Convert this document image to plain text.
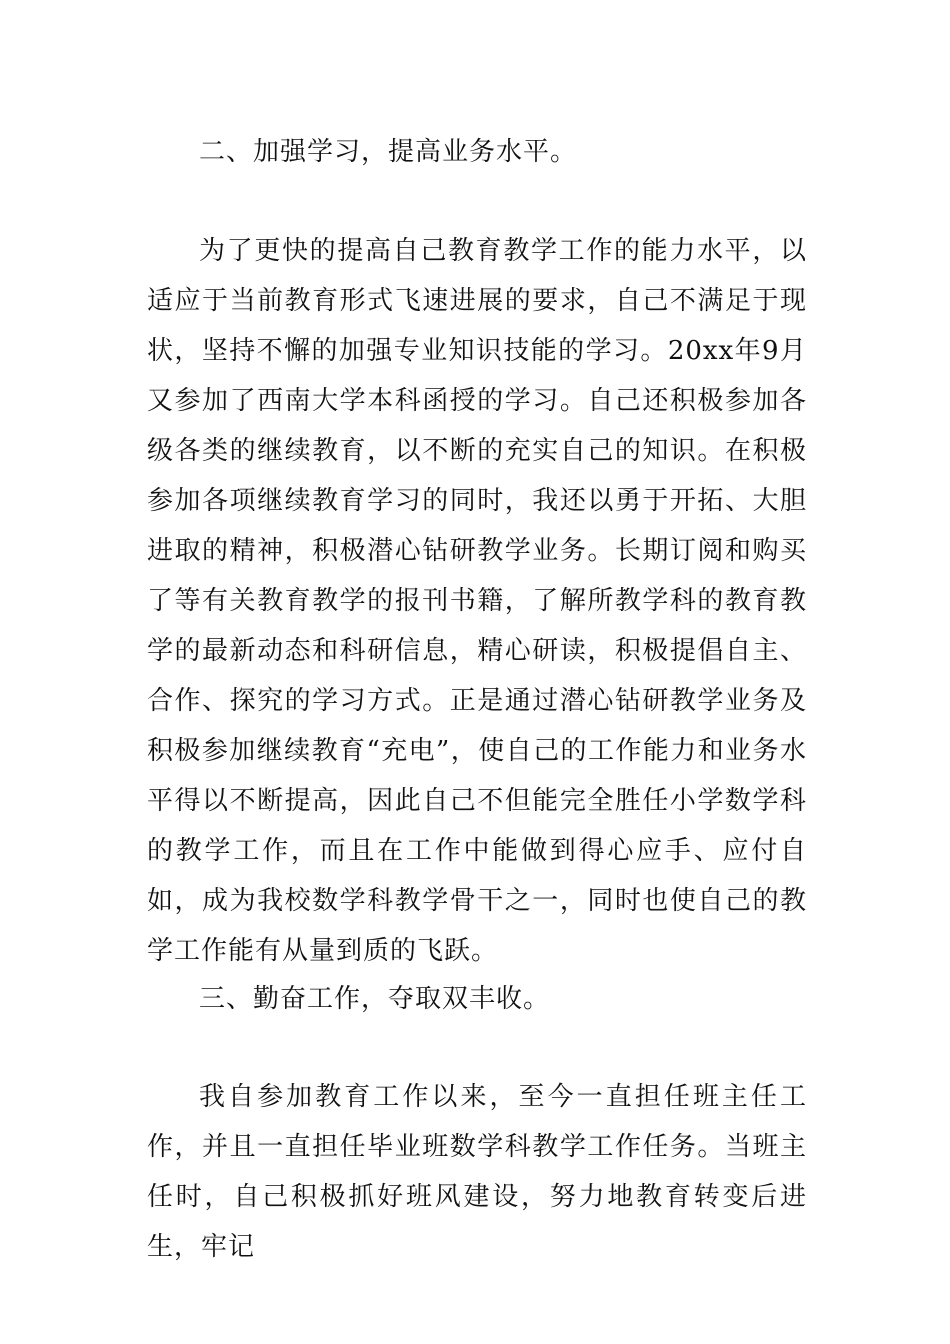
二、加强学习，提高业务水平。

为了更快的提高自己教育教学工作的能力水平，以适应于当前教育形式飞速进展的要求，自己不满足于现状，坚持不懈的加强专业知识技能的学习。20xx年9月又参加了西南大学本科函授的学习。自己还积极参加各级各类的继续教育，以不断的充实自己的知识。在积极参加各项继续教育学习的同时，我还以勇于开拓、大胆进取的精神，积极潜心钻研教学业务。长期订阅和购买了等有关教育教学的报刊书籍，了解所教学科的教育教学的最新动态和科研信息，精心研读，积极提倡自主、合作、探究的学习方式。正是通过潜心钻研教学业务及积极参加继续教育“充电”，使自己的工作能力和业务水平得以不断提高，因此自己不但能完全胜任小学数学科的教学工作，而且在工作中能做到得心应手、应付自如，成为我校数学科教学骨干之一，同时也使自己的教学工作能有从量到质的飞跃。

三、勤奋工作，夺取双丰收。

我自参加教育工作以来，至今一直担任班主任工作，并且一直担任毕业班数学科教学工作任务。当班主任时，自己积极抓好班风建设，努力地教育转变后进生，牢记
